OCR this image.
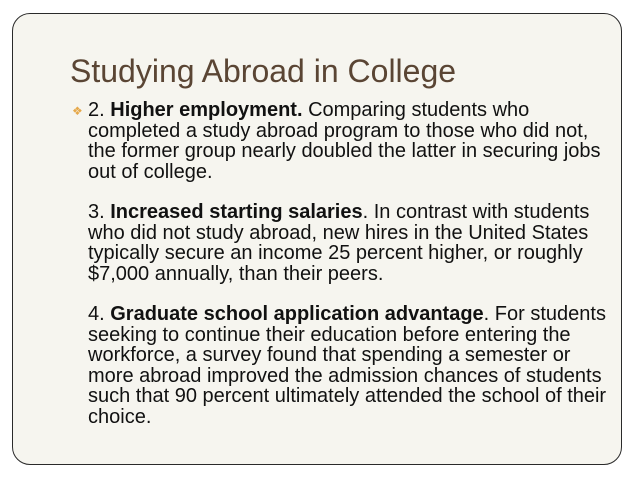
Studying Abroad in College
❖ 2. Higher employment. Comparing students who completed a study abroad program to those who did not, the former group nearly doubled the latter in securing jobs out of college.

3. Increased starting salaries. In contrast with students who did not study abroad, new hires in the United States typically secure an income 25 percent higher, or roughly $7,000 annually, than their peers.

4. Graduate school application advantage. For students seeking to continue their education before entering the workforce, a survey found that spending a semester or more abroad improved the admission chances of students such that 90 percent ultimately attended the school of their choice.
